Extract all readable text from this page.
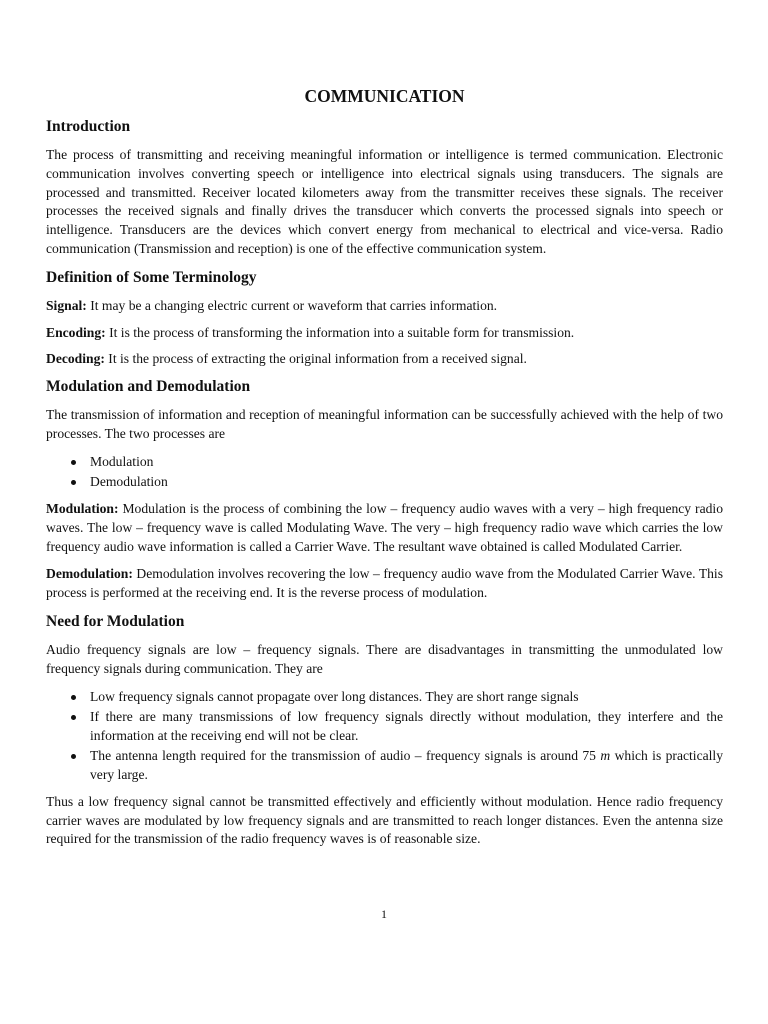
COMMUNICATION
Introduction

The process of transmitting and receiving meaningful information or intelligence is termed communication. Electronic communication involves converting speech or intelligence into electrical signals using transducers. The signals are processed and transmitted. Receiver located kilometers away from the transmitter receives these signals. The receiver processes the received signals and finally drives the transducer which converts the processed signals into speech or intelligence. Transducers are the devices which convert energy from mechanical to electrical and vice-versa. Radio communication (Transmission and reception) is one of the effective communication system.

Definition of Some Terminology

Signal: It may be a changing electric current or waveform that carries information.

Encoding: It is the process of transforming the information into a suitable form for transmission.

Decoding: It is the process of extracting the original information from a received signal.

Modulation and Demodulation

The transmission of information and reception of meaningful information can be successfully achieved with the help of two processes. The two processes are

Modulation
Demodulation

Modulation: Modulation is the process of combining the low – frequency audio waves with a very – high frequency radio waves. The low – frequency wave is called Modulating Wave. The very – high frequency radio wave which carries the low frequency audio wave information is called a Carrier Wave. The resultant wave obtained is called Modulated Carrier.

Demodulation: Demodulation involves recovering the low – frequency audio wave from the Modulated Carrier Wave. This process is performed at the receiving end. It is the reverse process of modulation.

Need for Modulation

Audio frequency signals are low – frequency signals. There are disadvantages in transmitting the unmodulated low frequency signals during communication. They are

Low frequency signals cannot propagate over long distances. They are short range signals
If there are many transmissions of low frequency signals directly without modulation, they interfere and the information at the receiving end will not be clear.
The antenna length required for the transmission of audio – frequency signals is around 75 m which is practically very large.

Thus a low frequency signal cannot be transmitted effectively and efficiently without modulation. Hence radio frequency carrier waves are modulated by low frequency signals and are transmitted to reach longer distances. Even the antenna size required for the transmission of the radio frequency waves is of reasonable size.

1
